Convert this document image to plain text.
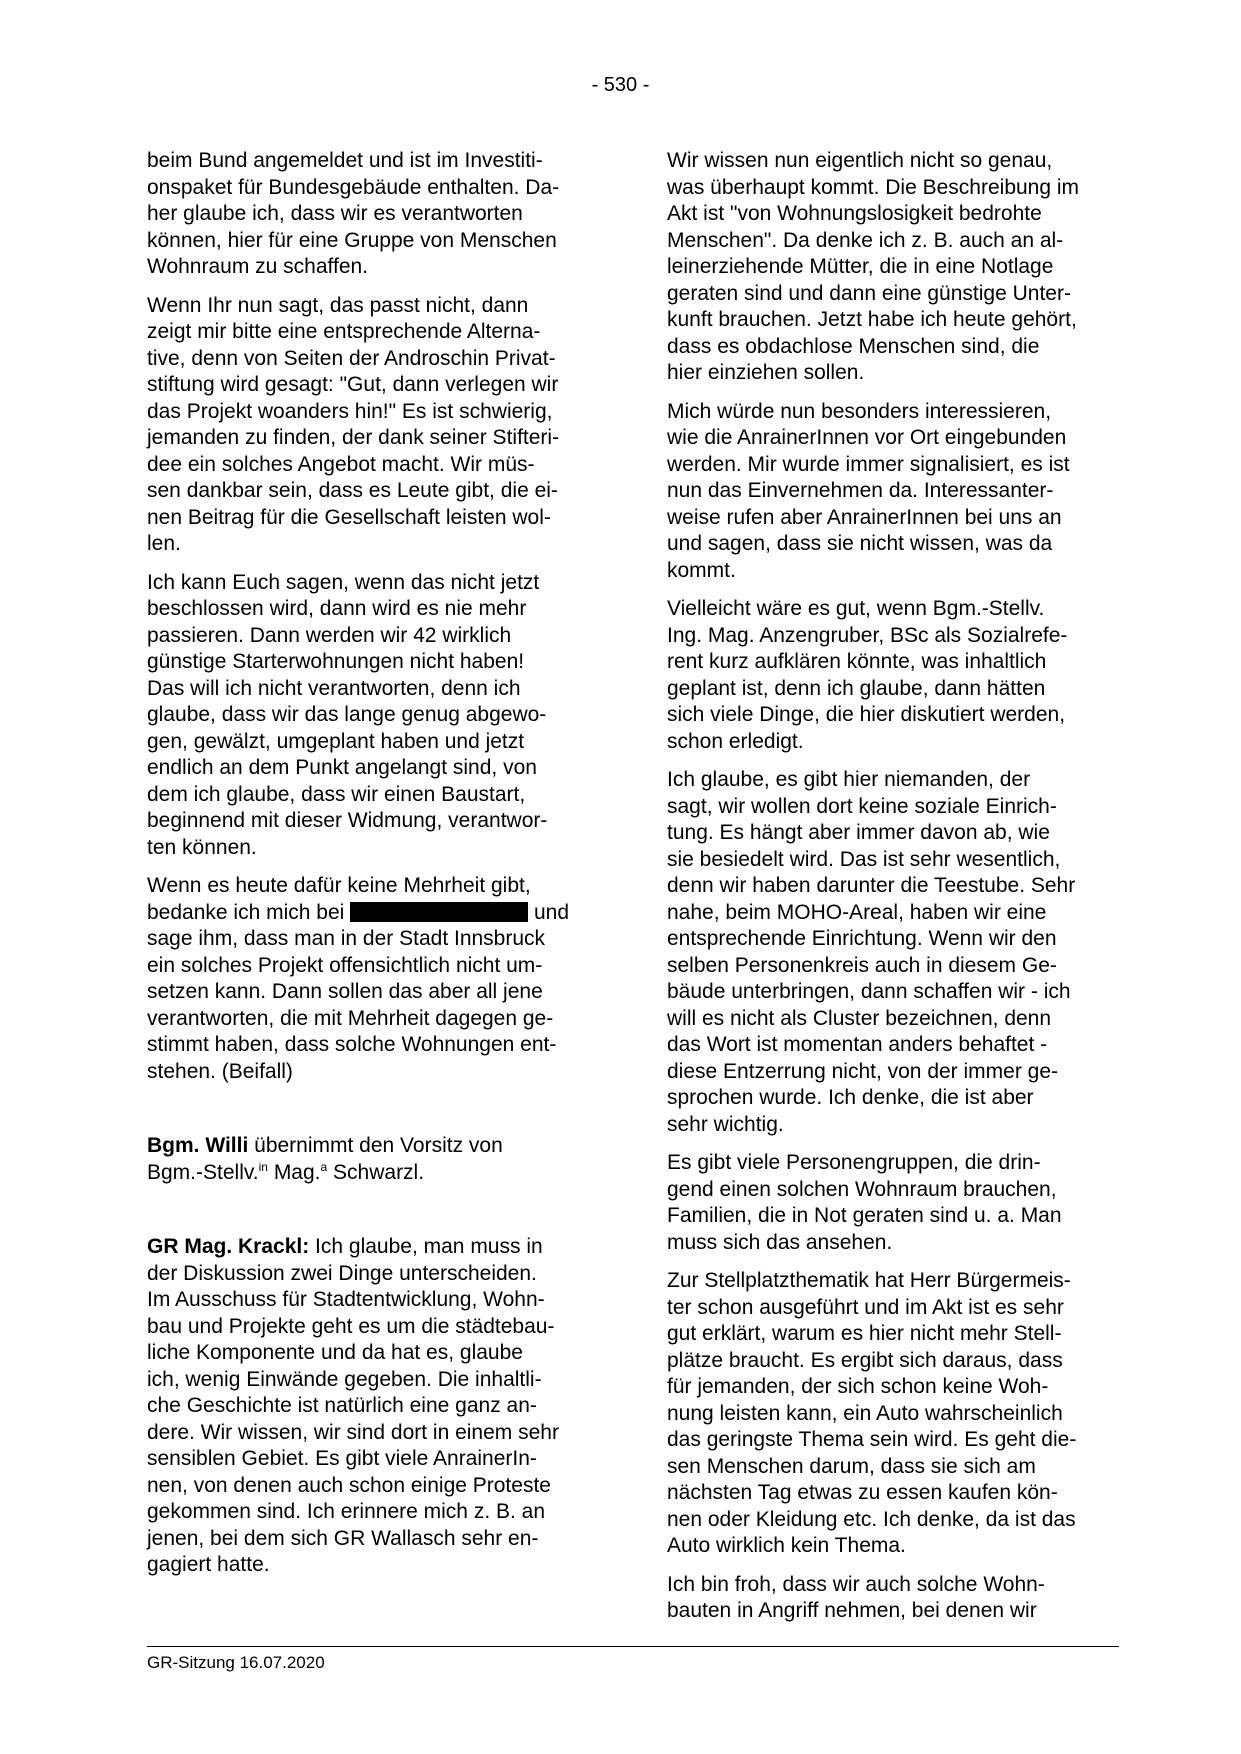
- 530 -

beim Bund angemeldet und ist im Investiti-
onspaket für Bundesgebäude enthalten. Da-
her glaube ich, dass wir es verantworten
können, hier für eine Gruppe von Menschen
Wohnraum zu schaffen.

Wenn Ihr nun sagt, das passt nicht, dann
zeigt mir bitte eine entsprechende Alterna-
tive, denn von Seiten der Androschin Privat-
stiftung wird gesagt: "Gut, dann verlegen wir
das Projekt woanders hin!" Es ist schwierig,
jemanden zu finden, der dank seiner Stifteri-
dee ein solches Angebot macht. Wir müs-
sen dankbar sein, dass es Leute gibt, die ei-
nen Beitrag für die Gesellschaft leisten wol-
len.

Ich kann Euch sagen, wenn das nicht jetzt
beschlossen wird, dann wird es nie mehr
passieren. Dann werden wir 42 wirklich
günstige Starterwohnungen nicht haben!
Das will ich nicht verantworten, denn ich
glaube, dass wir das lange genug abgewo-
gen, gewälzt, umgeplant haben und jetzt
endlich an dem Punkt angelangt sind, von
dem ich glaube, dass wir einen Baustart,
beginnend mit dieser Widmung, verantwor-
ten können.

Wenn es heute dafür keine Mehrheit gibt,
bedanke ich mich bei	und
sage ihm, dass man in der Stadt Innsbruck
ein solches Projekt offensichtlich nicht um-
setzen kann. Dann sollen das aber all jene
verantworten, die mit Mehrheit dagegen ge-
stimmt haben, dass solche Wohnungen ent-
stehen. (Beifall)

Bgm. Willi übernimmt den Vorsitz von
Bgm.-Stellv.$^{in}$ Mag.$^a$ Schwarzl.

GR Mag. Krackl: Ich glaube, man muss in
der Diskussion zwei Dinge unterscheiden.
Im Ausschuss für Stadtentwicklung, Wohn-
bau und Projekte geht es um die städtebau-
liche Komponente und da hat es, glaube
ich, wenig Einwände gegeben. Die inhaltli-
che Geschichte ist natürlich eine ganz an-
dere. Wir wissen, wir sind dort in einem sehr
sensiblen Gebiet. Es gibt viele AnrainerIn-
nen, von denen auch schon einige Proteste
gekommen sind. Ich erinnere mich z. B. an
jenen, bei dem sich GR Wallasch sehr en-
gagiert hatte.

Wir wissen nun eigentlich nicht so genau,
was überhaupt kommt. Die Beschreibung im
Akt ist "von Wohnungslosigkeit bedrohte
Menschen". Da denke ich z. B. auch an al-
leinerziehende Mütter, die in eine Notlage
geraten sind und dann eine günstige Unter-
kunft brauchen. Jetzt habe ich heute gehört,
dass es obdachlose Menschen sind, die
hier einziehen sollen.

Mich würde nun besonders interessieren,
wie die AnrainerInnen vor Ort eingebunden
werden. Mir wurde immer signalisiert, es ist
nun das Einvernehmen da. Interessanter-
weise rufen aber AnrainerInnen bei uns an
und sagen, dass sie nicht wissen, was da
kommt.

Vielleicht wäre es gut, wenn Bgm.-Stellv.
Ing. Mag. Anzengruber, BSc als Sozialrefe-
rent kurz aufklären könnte, was inhaltlich
geplant ist, denn ich glaube, dann hätten
sich viele Dinge, die hier diskutiert werden,
schon erledigt.

Ich glaube, es gibt hier niemanden, der
sagt, wir wollen dort keine soziale Einrich-
tung. Es hängt aber immer davon ab, wie
sie besiedelt wird. Das ist sehr wesentlich,
denn wir haben darunter die Teestube. Sehr
nahe, beim MOHO-Areal, haben wir eine
entsprechende Einrichtung. Wenn wir den
selben Personenkreis auch in diesem Ge-
bäude unterbringen, dann schaffen wir - ich
will es nicht als Cluster bezeichnen, denn
das Wort ist momentan anders behaftet -
diese Entzerrung nicht, von der immer ge-
sprochen wurde. Ich denke, die ist aber
sehr wichtig.

Es gibt viele Personengruppen, die drin-
gend einen solchen Wohnraum brauchen,
Familien, die in Not geraten sind u. a. Man
muss sich das ansehen.

Zur Stellplatzthematik hat Herr Bürgermeis-
ter schon ausgeführt und im Akt ist es sehr
gut erklärt, warum es hier nicht mehr Stell-
plätze braucht. Es ergibt sich daraus, dass
für jemanden, der sich schon keine Woh-
nung leisten kann, ein Auto wahrscheinlich
das geringste Thema sein wird. Es geht die-
sen Menschen darum, dass sie sich am
nächsten Tag etwas zu essen kaufen kön-
nen oder Kleidung etc. Ich denke, da ist das
Auto wirklich kein Thema.

Ich bin froh, dass wir auch solche Wohn-
bauten in Angriff nehmen, bei denen wir

GR-Sitzung 16.07.2020
